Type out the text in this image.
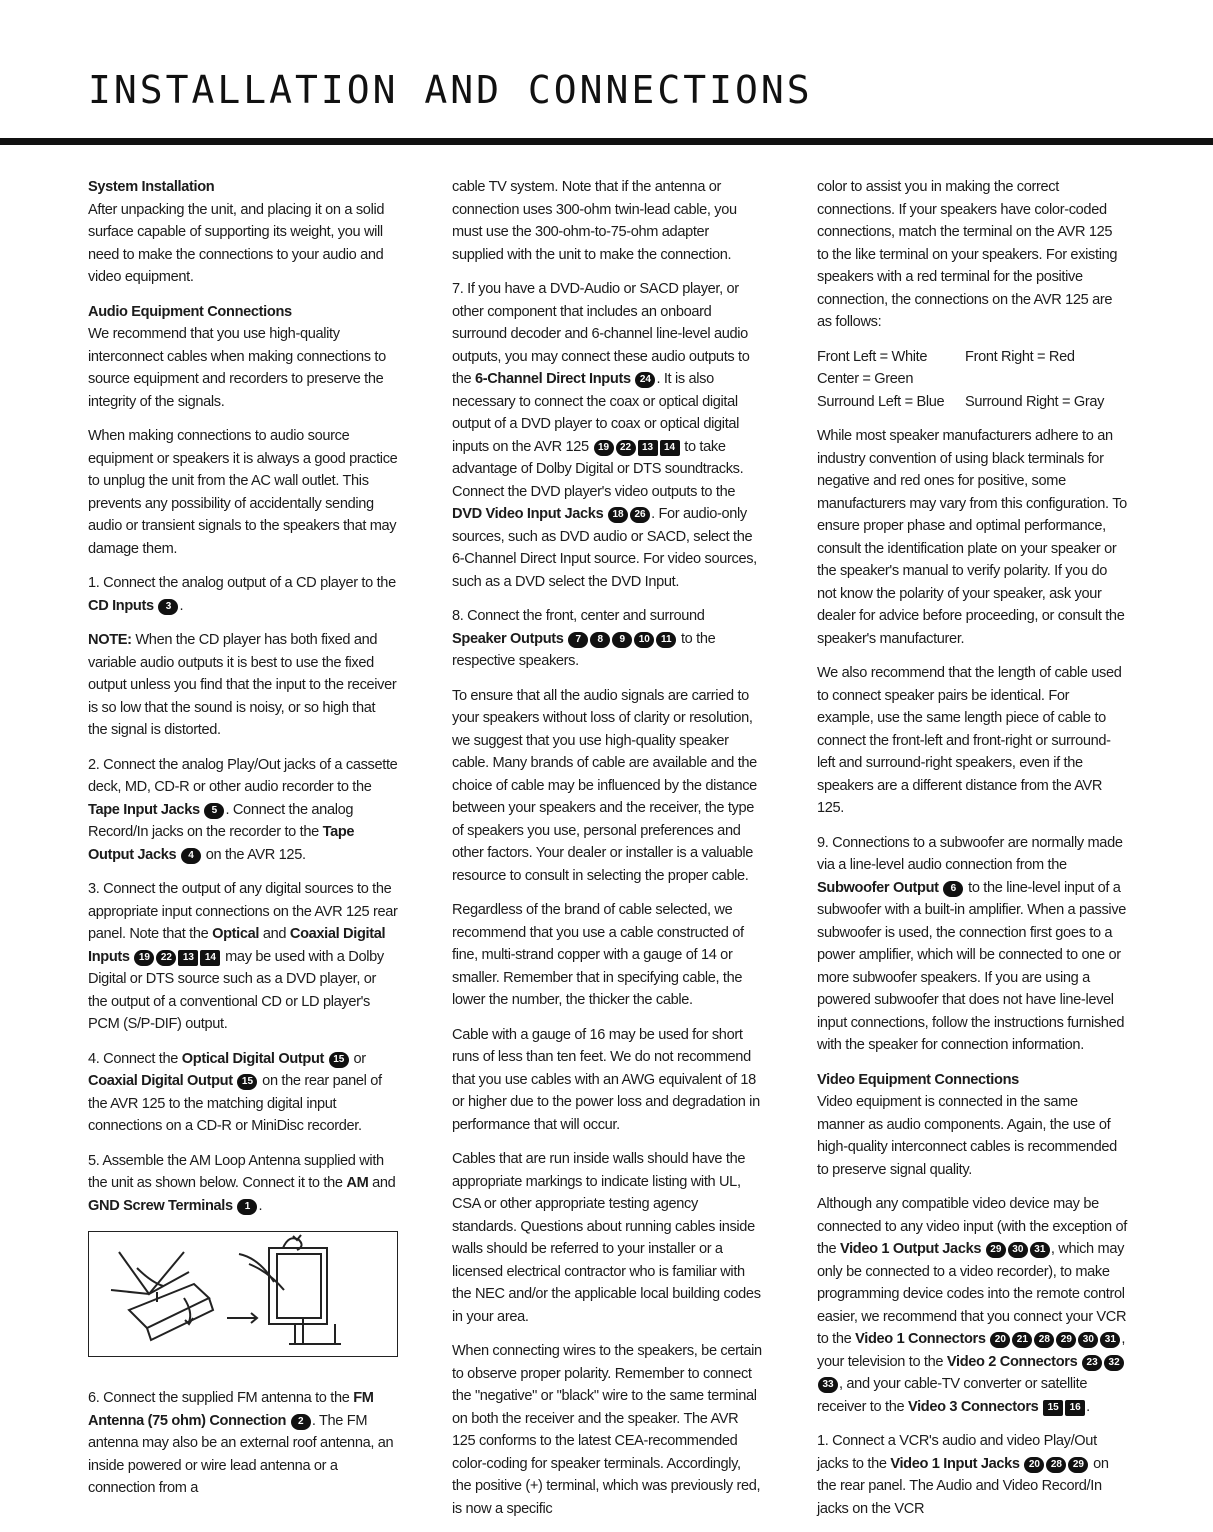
INSTALLATION AND CONNECTIONS

System Installation

After unpacking the unit, and placing it on a solid surface capable of supporting its weight, you will need to make the connections to your audio and video equipment.

Audio Equipment Connections

We recommend that you use high-quality interconnect cables when making connections to source equipment and recorders to preserve the integrity of the signals.

When making connections to audio source equipment or speakers it is always a good practice to unplug the unit from the AC wall outlet. This prevents any possibility of accidentally sending audio or transient signals to the speakers that may damage them.

1. Connect the analog output of a CD player to the CD Inputs 3 .

NOTE: When the CD player has both fixed and variable audio outputs it is best to use the fixed output unless you find that the input to the receiver is so low that the sound is noisy, or so high that the signal is distorted.

2. Connect the analog Play/Out jacks of a cassette deck, MD, CD-R or other audio recorder to the Tape Input Jacks 5 . Connect the analog Record/In jacks on the recorder to the Tape Output Jacks 4 on the AVR 125.

3. Connect the output of any digital sources to the appropriate input connections on the AVR 125 rear panel. Note that the Optical and Coaxial Digital Inputs 19 22 13 14 may be used with a Dolby Digital or DTS source such as a DVD player, or the output of a conventional CD or LD player's PCM (S/P-DIF) output.

4. Connect the Optical Digital Output 15 or Coaxial Digital Output 15 on the rear panel of the AVR 125 to the matching digital input connections on a CD-R or MiniDisc recorder.

5. Assemble the AM Loop Antenna supplied with the unit as shown below. Connect it to the AM and GND Screw Terminals 1 .

6. Connect the supplied FM antenna to the FM Antenna (75 ohm) Connection 2 . The FM antenna may also be an external roof antenna, an inside powered or wire lead antenna or a connection from a

cable TV system. Note that if the antenna or connection uses 300-ohm twin-lead cable, you must use the 300-ohm-to-75-ohm adapter supplied with the unit to make the connection.

7. If you have a DVD-Audio or SACD player, or other component that includes an onboard surround decoder and 6-channel line-level audio outputs, you may connect these audio outputs to the 6-Channel Direct Inputs 24 . It is also necessary to connect the coax or optical digital output of a DVD player to coax or optical digital inputs on the AVR 125 19 22 13 14 to take advantage of Dolby Digital or DTS soundtracks. Connect the DVD player's video outputs to the DVD Video Input Jacks 18 26 . For audio-only sources, such as DVD audio or SACD, select the 6-Channel Direct Input source. For video sources, such as a DVD select the DVD Input.

8. Connect the front, center and surround Speaker Outputs 7 8 9 10 11 to the respective speakers.

To ensure that all the audio signals are carried to your speakers without loss of clarity or resolution, we suggest that you use high-quality speaker cable. Many brands of cable are available and the choice of cable may be influenced by the distance between your speakers and the receiver, the type of speakers you use, personal preferences and other factors. Your dealer or installer is a valuable resource to consult in selecting the proper cable.

Regardless of the brand of cable selected, we recommend that you use a cable constructed of fine, multi-strand copper with a gauge of 14 or smaller. Remember that in specifying cable, the lower the number, the thicker the cable.

Cable with a gauge of 16 may be used for short runs of less than ten feet. We do not recommend that you use cables with an AWG equivalent of 18 or higher due to the power loss and degradation in performance that will occur.

Cables that are run inside walls should have the appropriate markings to indicate listing with UL, CSA or other appropriate testing agency standards. Questions about running cables inside walls should be referred to your installer or a licensed electrical contractor who is familiar with the NEC and/or the applicable local building codes in your area.

When connecting wires to the speakers, be certain to observe proper polarity. Remember to connect the "negative" or "black" wire to the same terminal on both the receiver and the speaker. The AVR 125 conforms to the latest CEA-recommended color-coding for speaker terminals. Accordingly, the positive (+) terminal, which was previously red, is now a specific

color to assist you in making the correct connections. If your speakers have color-coded connections, match the terminal on the AVR 125 to the like terminal on your speakers. For existing speakers with a red terminal for the positive connection, the connections on the AVR 125 are as follows:

Front Left = White	Front Right = Red
Center = Green
Surround Left = Blue Surround Right = Gray

While most speaker manufacturers adhere to an industry convention of using black terminals for negative and red ones for positive, some manufacturers may vary from this configuration. To ensure proper phase and optimal performance, consult the identification plate on your speaker or the speaker's manual to verify polarity. If you do not know the polarity of your speaker, ask your dealer for advice before proceeding, or consult the speaker's manufacturer.

We also recommend that the length of cable used to connect speaker pairs be identical. For example, use the same length piece of cable to connect the front-left and front-right or surround-left and surround-right speakers, even if the speakers are a different distance from the AVR 125.

9. Connections to a subwoofer are normally made via a line-level audio connection from the Subwoofer Output 6 to the line-level input of a subwoofer with a built-in amplifier. When a passive subwoofer is used, the connection first goes to a power amplifier, which will be connected to one or more subwoofer speakers. If you are using a powered subwoofer that does not have line-level input connections, follow the instructions furnished with the speaker for connection information.

Video Equipment Connections

Video equipment is connected in the same manner as audio components. Again, the use of high-quality interconnect cables is recommended to preserve signal quality.

Although any compatible video device may be connected to any video input (with the exception of the Video 1 Output Jacks 29 30 31 , which may only be connected to a video recorder), to make programming device codes into the remote control easier, we recommend that you connect your VCR to the Video 1 Connectors 20 21 28 29 30 31 , your television to the Video 2 Connectors 23 32 33 , and your cable-TV converter or satellite receiver to the Video 3 Connectors 15 16 .

1. Connect a VCR's audio and video Play/Out jacks to the Video 1 Input Jacks 20 28 29 on the rear panel. The Audio and Video Record/In jacks on the VCR
